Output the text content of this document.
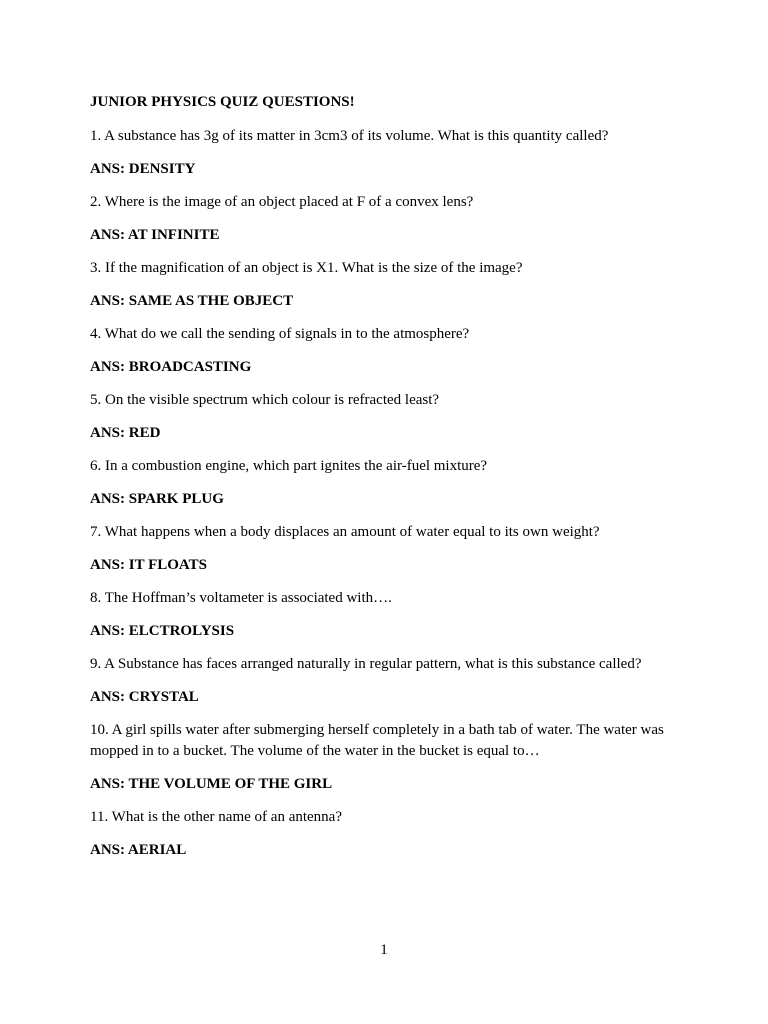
JUNIOR PHYSICS QUIZ QUESTIONS!
1. A substance has 3g of its matter in 3cm3 of its volume. What is this quantity called?
ANS: DENSITY
2. Where is the image of an object placed at F of a convex lens?
ANS: AT INFINITE
3. If the magnification of an object is X1. What is the size of the image?
ANS: SAME AS THE OBJECT
4. What do we call the sending of signals in to the atmosphere?
ANS: BROADCASTING
5. On the visible spectrum which colour is refracted least?
ANS: RED
6. In a combustion engine, which part ignites the air-fuel mixture?
ANS: SPARK PLUG
7. What happens when a body displaces an amount of water equal to its own weight?
ANS: IT FLOATS
8. The Hoffman’s voltameter is associated with….
ANS: ELCTROLYSIS
9. A Substance has faces arranged naturally in regular pattern, what is this substance called?
ANS: CRYSTAL
10. A girl spills water after submerging herself completely in a bath tab of water. The water was mopped in to a bucket. The volume of the water in the bucket is equal to…
ANS: THE VOLUME OF THE GIRL
11. What is the other name of an antenna?
ANS: AERIAL
1
